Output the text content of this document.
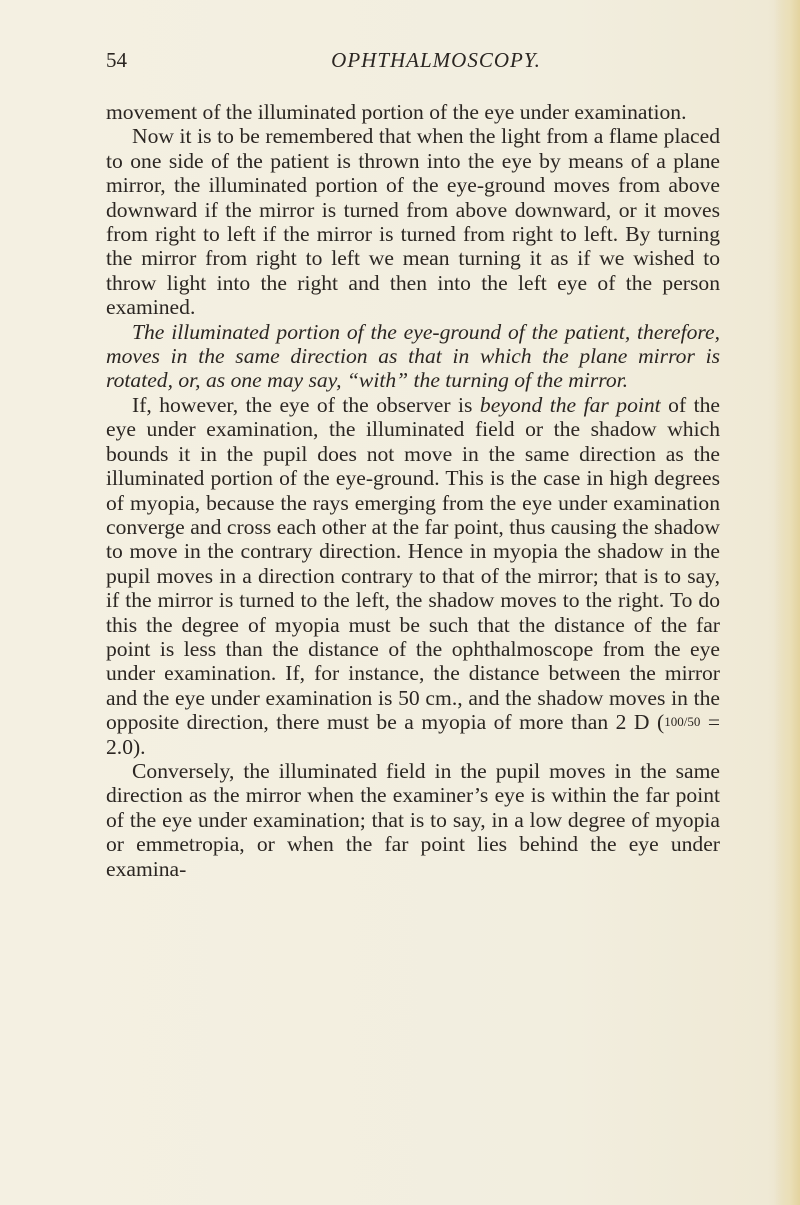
54	OPHTHALMOSCOPY.

movement of the illuminated portion of the eye under examination.

Now it is to be remembered that when the light from a flame placed to one side of the patient is thrown into the eye by means of a plane mirror, the illuminated portion of the eye-ground moves from above downward if the mirror is turned from above downward, or it moves from right to left if the mirror is turned from right to left. By turning the mirror from right to left we mean turning it as if we wished to throw light into the right and then into the left eye of the person examined.

The illuminated portion of the eye-ground of the patient, therefore, moves in the same direction as that in which the plane mirror is rotated, or, as one may say, “with” the turning of the mirror.

If, however, the eye of the observer is beyond the far point of the eye under examination, the illuminated field or the shadow which bounds it in the pupil does not move in the same direction as the illuminated portion of the eye-ground. This is the case in high degrees of myopia, because the rays emerging from the eye under examination converge and cross each other at the far point, thus causing the shadow to move in the contrary direction. Hence in myopia the shadow in the pupil moves in a direction contrary to that of the mirror; that is to say, if the mirror is turned to the left, the shadow moves to the right. To do this the degree of myopia must be such that the distance of the far point is less than the distance of the ophthalmoscope from the eye under examination. If, for instance, the distance between the mirror and the eye under examination is 50 cm., and the shadow moves in the opposite direction, there must be a myopia of more than 2 D (100/50 = 2.0).

Conversely, the illuminated field in the pupil moves in the same direction as the mirror when the examiner’s eye is within the far point of the eye under examination; that is to say, in a low degree of myopia or emmetropia, or when the far point lies behind the eye under examina-
